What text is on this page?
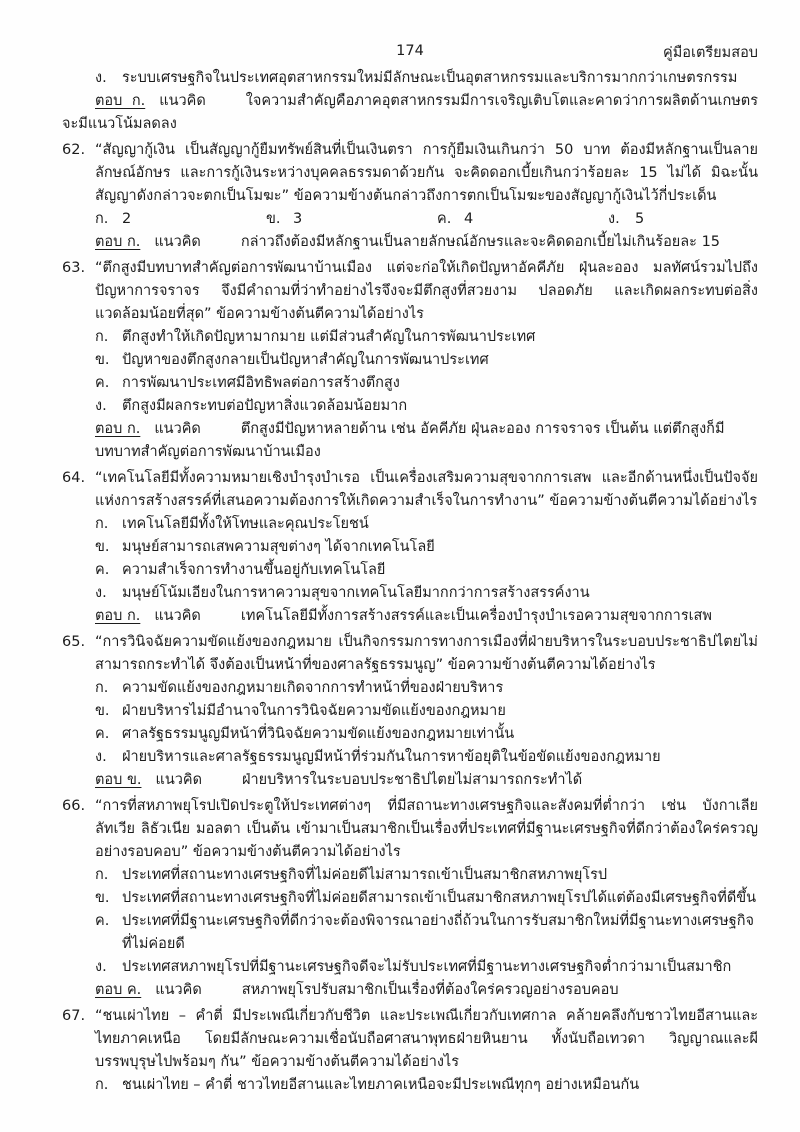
174	คู่มือเตรียมสอบ
ง.	ระบบเศรษฐกิจในประเทศอุตสาหกรรมใหม่มีลักษณะเป็นอุตสาหกรรมและบริการมากกว่าเกษตรกรรม
ตอบ ก. แนวคิด	ใจความสำคัญคือภาคอุตสาหกรรมมีการเจริญเติบโตและคาดว่าการผลิตด้านเกษตรจะมีแนวโน้มลดลง
62. “สัญญากู้เงิน เป็นสัญญากู้ยืมทรัพย์สินที่เป็นเงินตรา การกู้ยืมเงินเกินกว่า 50 บาท ต้องมีหลักฐานเป็นลายลักษณ์อักษร และการกู้เงินระหว่างบุคคลธรรมดาด้วยกัน จะคิดดอกเบี้ยเกินกว่าร้อยละ 15 ไม่ได้ มิฉะนั้นสัญญาดังกล่าวจะตกเป็นโมฆะ” ข้อความข้างต้นกล่าวถึงการตกเป็นโมฆะของสัญญากู้เงินไว้กี่ประเด็น
ก. 2	ข. 3	ค. 4	ง.	5
ตอบ ก. แนวคิด	กล่าวถึงต้องมีหลักฐานเป็นลายลักษณ์อักษรและจะคิดดอกเบี้ยไม่เกินร้อยละ 15
63. “ตึกสูงมีบทบาทสำคัญต่อการพัฒนาบ้านเมือง แต่จะก่อให้เกิดปัญหาอัคคีภัย ฝุ่นละออง มลทัศน์รวมไปถึงปัญหาการจราจร จึงมีคำถามที่ว่าทำอย่างไรจึงจะมีตึกสูงที่สวยงาม ปลอดภัย และเกิดผลกระทบต่อสิ่งแวดล้อมน้อยที่สุด” ข้อความข้างต้นตีความได้อย่างไร
ก. ตึกสูงทำให้เกิดปัญหามากมาย แต่มีส่วนสำคัญในการพัฒนาประเทศ
ข. ปัญหาของตึกสูงกลายเป็นปัญหาสำคัญในการพัฒนาประเทศ
ค. การพัฒนาประเทศมีอิทธิพลต่อการสร้างตึกสูง
ง.	ตึกสูงมีผลกระทบต่อปัญหาสิ่งแวดล้อมน้อยมาก
ตอบ ก. แนวคิด	ตึกสูงมีปัญหาหลายด้าน เช่น อัคคีภัย ฝุ่นละออง การจราจร เป็นต้น แต่ตึกสูงก็มีบทบาทสำคัญต่อการพัฒนาบ้านเมือง
64. “เทคโนโลยีมีทั้งความหมายเชิงบำรุงบำเรอ เป็นเครื่องเสริมความสุขจากการเสพ และอีกด้านหนึ่งเป็นปัจจัยแห่งการสร้างสรรค์ที่เสนอความต้องการให้เกิดความสำเร็จในการทำงาน” ข้อความข้างต้นตีความได้อย่างไร
ก. เทคโนโลยีมีทั้งให้โทษและคุณประโยชน์
ข. มนุษย์สามารถเสพความสุขต่างๆ ได้จากเทคโนโลยี
ค. ความสำเร็จการทำงานขึ้นอยู่กับเทคโนโลยี
ง.	มนุษย์โน้มเอียงในการหาความสุขจากเทคโนโลยีมากกว่าการสร้างสรรค์งาน
ตอบ ก. แนวคิด	เทคโนโลยีมีทั้งการสร้างสรรค์และเป็นเครื่องบำรุงบำเรอความสุขจากการเสพ
65. “การวินิจฉัยความขัดแย้งของกฎหมาย เป็นกิจกรรมการทางการเมืองที่ฝ่ายบริหารในระบอบประชาธิปไตยไม่สามารถกระทำได้ จึงต้องเป็นหน้าที่ของศาลรัฐธรรมนูญ” ข้อความข้างต้นตีความได้อย่างไร
ก. ความขัดแย้งของกฎหมายเกิดจากการทำหน้าที่ของฝ่ายบริหาร
ข. ฝ่ายบริหารไม่มีอำนาจในการวินิจฉัยความขัดแย้งของกฎหมาย
ค. ศาลรัฐธรรมนูญมีหน้าที่วินิจฉัยความขัดแย้งของกฎหมายเท่านั้น
ง.	ฝ่ายบริหารและศาลรัฐธรรมนูญมีหน้าที่ร่วมกันในการหาข้อยุติในข้อขัดแย้งของกฎหมาย
ตอบ ข. แนวคิด	ฝ่ายบริหารในระบอบประชาธิปไตยไม่สามารถกระทำได้
66. “การที่สหภาพยุโรปเปิดประตูให้ประเทศต่างๆ ที่มีสถานะทางเศรษฐกิจและสังคมที่ต่ำกว่า เช่น บังกาเลีย ลัทเวีย ลิธัวเนีย มอลตา เป็นต้น เข้ามาเป็นสมาชิกเป็นเรื่องที่ประเทศที่มีฐานะเศรษฐกิจที่ดีกว่าต้องใคร่ครวญอย่างรอบคอบ” ข้อความข้างต้นตีความได้อย่างไร
ก. ประเทศที่สถานะทางเศรษฐกิจที่ไม่ค่อยดีไม่สามารถเข้าเป็นสมาชิกสหภาพยุโรป
ข. ประเทศที่สถานะทางเศรษฐกิจที่ไม่ค่อยดีสามารถเข้าเป็นสมาชิกสหภาพยุโรปได้แต่ต้องมีเศรษฐกิจที่ดีขึ้น
ค. ประเทศที่มีฐานะเศรษฐกิจที่ดีกว่าจะต้องพิจารณาอย่างถี่ถ้วนในการรับสมาชิกใหม่ที่มีฐานะทางเศรษฐกิจที่ไม่ค่อยดี
ง.	ประเทศสหภาพยุโรปที่มีฐานะเศรษฐกิจดีจะไม่รับประเทศที่มีฐานะทางเศรษฐกิจต่ำกว่ามาเป็นสมาชิก
ตอบ ค. แนวคิด	สหภาพยุโรปรับสมาชิกเป็นเรื่องที่ต้องใคร่ครวญอย่างรอบคอบ
67. “ชนเผ่าไทย – คำตี่ มีประเพณีเกี่ยวกับชีวิต และประเพณีเกี่ยวกับเทศกาล คล้ายคลึงกับชาวไทยอีสานและไทยภาคเหนือ โดยมีลักษณะความเชื่อนับถือศาสนาพุทธฝ่ายหินยาน ทั้งนับถือเทวดา วิญญาณและผีบรรพบุรุษไปพร้อมๆ กัน” ข้อความข้างต้นตีความได้อย่างไร
ก. ชนเผ่าไทย – คำตี่ ชาวไทยอีสานและไทยภาคเหนือจะมีประเพณีทุกๆ อย่างเหมือนกัน
